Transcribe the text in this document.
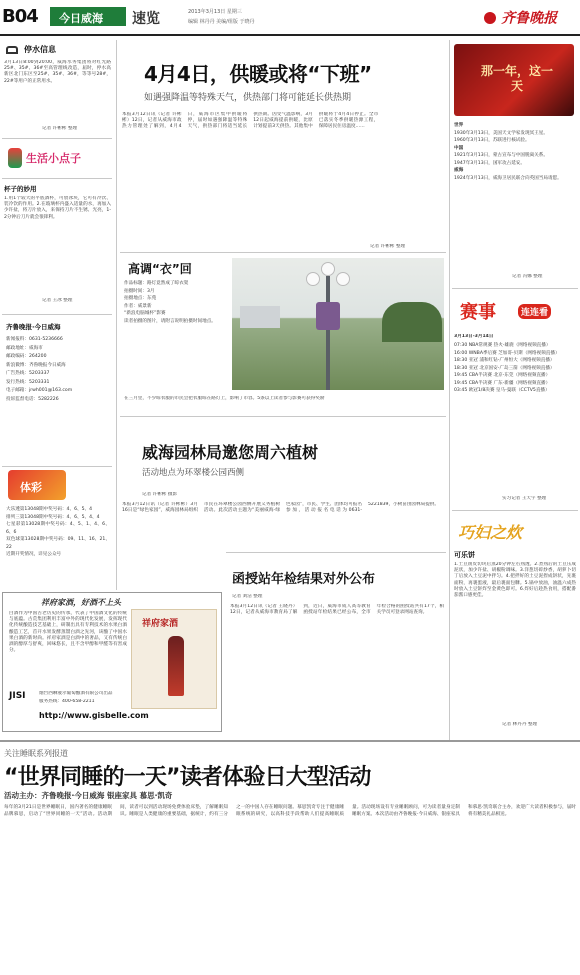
B04 今日威海 速览	2013年3月13日 星期三
编辑 林丹丹 美编/组版 于晓丹	齐鲁晚报
停水信息
3月13日8:00到20:00，威海水务集团将对红光路25#、35#、36#至高管理线改造，届时，停水高新区北门东区至25#、35#、36#，等等号28#，22#等用户的正常用水。
记者 许彬彬 整理
生活小点子
杯子的妙用
1.用1个较大的平底酒杯，可放冰块，它可有冷饮、装冷饮的作用。2.在玻璃杯内盛入适量的水，再加入少许盐，将刀片放入，来保持刀片不生锈、光亮，1-2分钟后刀片就会很锋利。
记者 王冰 整理
齐鲁晚报·今日威海
新闻报料：0631-5236666
邮政地址：威海市
邮政编码：264200
新浪微博：齐鲁晚报今日威海
广告热线：5203337
发行热线：5203331
电子邮箱：jrwh001@163.com
投诉监督电话：5282226
体彩
大乐透第13048期中奖号码：4、6、5、4
排列三第13048期中奖号码：4、6、5、4、4
七星彩第13028期中奖号码：4、5、1、4、6、6、6
双色球第13028期中奖号码：09、11、16、21、22
近期开奖情况，详见公众号
祥府家酒，好酒不上头
白酒作为中国古老历史的传承，代表了中国酒文化的传统与底蕴。古荒集团利用丰富中外的现代化发展，发挥现代化传统酿造技艺基础上，研制出具有专利技术的水果白酒酿造工艺，首开水果发酵蒸馏白酒之先河，该酿了中国水果白酒的新时尚。祥府家酒是白酒中的奢品，又有传统白酒的醇厚与舒爽，回味悠长，且不含甲醇和甲醛等有害成分。
祥府家酒
JISI	烟台西聊液尔葡萄酿酒有限公司出品
服务热线：400-658-2211
http://www.gisbelle.com
4月4日，供暖或将“下班”
如遇强降温等特殊天气，供热部门将可能延长供热期
本报3月12日讯（记者 许彬彬）12日，记者从威海市政热力管理处了解到，4月4日，威海市区集中供暖将停，届时如遇强降温等特殊天气，供热部门将适当延长供热期。因受气温影响，3月12日起威海提前供暖，比原计划提前3天供热。其他集中供暖将于4月4日停止。全市已落实冬季供暖热源工程，保障居民住房温度……
记者 许彬彬 整理
高调“衣”回
作品标题：路灯竟然成了晾衣架
拍摄时间：3月
拍摄地点：东苑
作者：威景新
“新浪电脑城杯”影赛
读者拍摄的图片，请附言说明拍摄时间地点。
在三月里，不少晾衣服的市民会把衣服晾在路灯上，影响了市容。5条以上读者参与影赛可获得奖励
威海园林局邀您周六植树
活动地点为环翠楼公园西侧
记者 许彬彬 摄影
本报3月12日讯（记者 许彬彬）3月16日是“绿色家园”，威海园林局组织市民在环翠楼公园西侧开展义务植树活动。此次活动主题为“美丽威海·绿色家园”，市民、学生、团体均可报名参加，活动报名电话为0631-5221839，小树苗由园林局提供。
函授站年检结果对外公布
记者 刘洁 整理
本报3月12日讯（记者 王晓丹）12日，记者从威海市教育局了解到，近日，威海市成人高等教育函授站年检结果已经公布，全市年检合格的函授站共有17个，相关学员可登录网站查询。
那一年，这一天
世界
1930年3月13日，美国天文学家发现冥王星。
1960年3月13日，苏联进行核试验。
中国
1921年3月13日，蒙古宣布与中国脱离关系。
1947年3月13日，国军攻占延安。
威海
1924年3月13日，威海卫居民联合向英国当局请愿。
记者 冯娜 整理
赛事	连连看
3月13日-3月14日
07:30 NBA常规赛 热火-雄鹿（网络视频直播）
16:00 WNBA季后赛 芝加哥-贝斯（网络视频直播）
18:30 亚冠 浦和红钻-广州恒大（网络视频直播）
18:30 亚冠 北京国安-广岛三箭（网络视频直播）
19:45 CBA半决赛 北京-东莞（网络视频直播）
19:45 CBA半决赛 广东-新疆（网络视频直播）
03:45 欧冠1/8决赛 皇马-曼联（CCTV5直播）
实习记者 王天宇 整理
巧妇之炊
可乐饼
1.土豆削皮切块后蒸20分钟左右熟透。2.煮熟后的土豆压成泥状，加少许盐、胡椒粉调味。3.洋葱切碎炒香，胡萝卜切丁后放入土豆泥中拌匀。4.把拌好的土豆泥捏成饼状，先裹面粉，再裹蛋液，最后裹面包糠。5.锅中放油，油温六成热时放入土豆饼炸至金黄色即可。6.炸好后趁热食用，搭配番茄酱口感更佳。
记者 林丹丹 整理
关注睡眠系列报道
“世界同睡的一天”读者体验日大型活动
活动主办：齐鲁晚报·今日威海 银座家具 慕思·凯奇
每年的3月21日是世界睡眠日，国内著名的健康睡眠品牌慕思，启动了“世界同睡的一天”活动。活动期间，读者可以到活动现场免费体验床垫，了解睡眠知识。睡眠是人类健康的重要基础，据统计，约有三分之一的中国人存在睡眠问题。慕思凯奇专注于健康睡眠系统的研究，以高科技手段帮助人们提高睡眠质量。活动现场设有专业睡眠顾问，可为读者量身定制睡眠方案。本次活动由齐鲁晚报·今日威海、银座家具和慕思·凯奇联合主办，欢迎广大读者积极参与，届时将有精美礼品相送。
